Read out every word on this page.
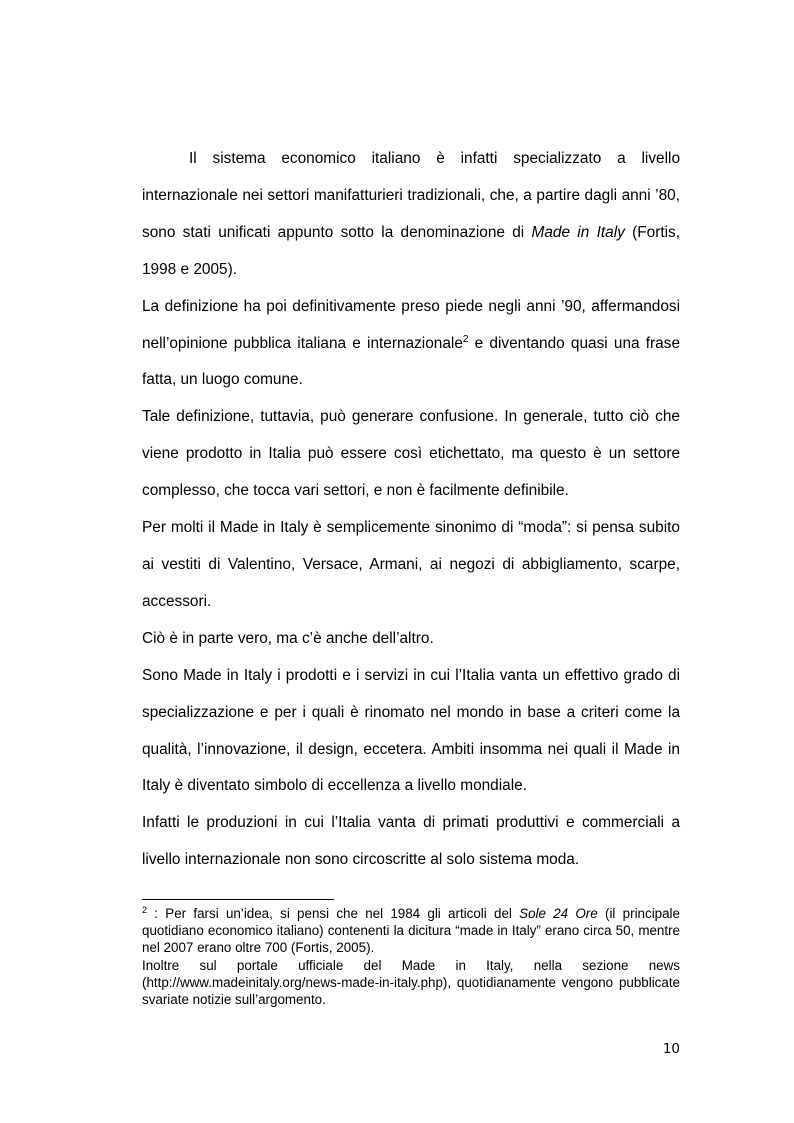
Il sistema economico italiano è infatti specializzato a livello internazionale nei settori manifatturieri tradizionali, che, a partire dagli anni ’80, sono stati unificati appunto sotto la denominazione di Made in Italy (Fortis, 1998 e 2005).

La definizione ha poi definitivamente preso piede negli anni ’90, affermandosi nell’opinione pubblica italiana e internazionale$^2$ e diventando quasi una frase fatta, un luogo comune.

Tale definizione, tuttavia, può generare confusione. In generale, tutto ciò che viene prodotto in Italia può essere così etichettato, ma questo è un settore complesso, che tocca vari settori, e non è facilmente definibile.

Per molti il Made in Italy è semplicemente sinonimo di “moda”: si pensa subito ai vestiti di Valentino, Versace, Armani, ai negozi di abbigliamento, scarpe, accessori.

Ciò è in parte vero, ma c’è anche dell’altro.

Sono Made in Italy i prodotti e i servizi in cui l’Italia vanta un effettivo grado di specializzazione e per i quali è rinomato nel mondo in base a criteri come la qualità, l’innovazione, il design, eccetera. Ambiti insomma nei quali il Made in Italy è diventato simbolo di eccellenza a livello mondiale.

Infatti le produzioni in cui l’Italia vanta di primati produttivi e commerciali a livello internazionale non sono circoscritte al solo sistema moda.

$^2$ : Per farsi un’idea, si pensi che nel 1984 gli articoli del Sole 24 Ore (il principale quotidiano economico italiano) contenenti la dicitura “made in Italy” erano circa 50, mentre nel 2007 erano oltre 700 (Fortis, 2005).

Inoltre sul portale ufficiale del Made in Italy, nella sezione news (http://www.madeinitaly.org/news-made-in-italy.php), quotidianamente vengono pubblicate svariate notizie sull’argomento.

10
